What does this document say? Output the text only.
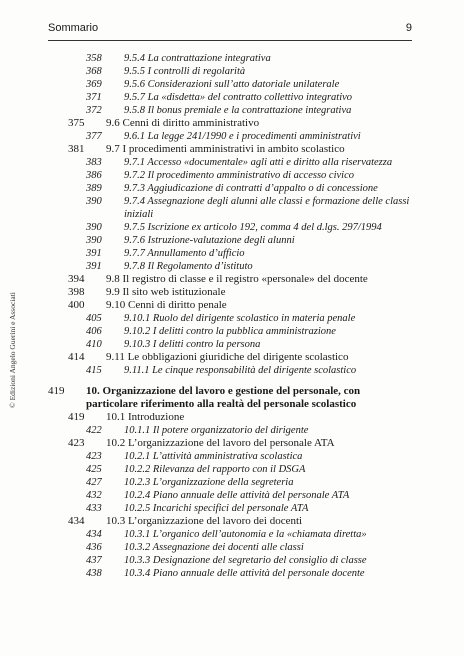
Sommario	9
358	9.5.4 La contrattazione integrativa
368	9.5.5 I controlli di regolarità
369	9.5.6 Considerazioni sull’atto datoriale unilaterale
371	9.5.7 La «disdetta» del contratto collettivo integrativo
372	9.5.8 Il bonus premiale e la contrattazione integrativa
375	9.6 Cenni di diritto amministrativo
377	9.6.1 La legge 241/1990 e i procedimenti amministrativi
381	9.7 I procedimenti amministrativi in ambito scolastico
383	9.7.1 Accesso «documentale» agli atti e diritto alla riservatezza
386	9.7.2 Il procedimento amministrativo di accesso civico
389	9.7.3 Aggiudicazione di contratti d’appalto o di concessione
390	9.7.4 Assegnazione degli alunni alle classi e formazione delle classi iniziali
390	9.7.5 Iscrizione ex articolo 192, comma 4 del d.lgs. 297/1994
390	9.7.6 Istruzione-valutazione degli alunni
391	9.7.7 Annullamento d’ufficio
391	9.7.8 Il Regolamento d’istituto
394	9.8 Il registro di classe e il registro «personale» del docente
398	9.9 Il sito web istituzionale
400	9.10 Cenni di diritto penale
405	9.10.1 Ruolo del dirigente scolastico in materia penale
406	9.10.2 I delitti contro la pubblica amministrazione
410	9.10.3 I delitti contro la persona
414	9.11 Le obbligazioni giuridiche del dirigente scolastico
415	9.11.1 Le cinque responsabilità del dirigente scolastico
419	10. Organizzazione del lavoro e gestione del personale, con particolare riferimento alla realtà del personale scolastico
419	10.1 Introduzione
422	10.1.1 Il potere organizzatorio del dirigente
423	10.2 L’organizzazione del lavoro del personale ATA
423	10.2.1 L’attività amministrativa scolastica
425	10.2.2 Rilevanza del rapporto con il DSGA
427	10.2.3 L’organizzazione della segreteria
432	10.2.4 Piano annuale delle attività del personale ATA
433	10.2.5 Incarichi specifici del personale ATA
434	10.3 L’organizzazione del lavoro dei docenti
434	10.3.1 L’organico dell’autonomia e la «chiamata diretta»
436	10.3.2 Assegnazione dei docenti alle classi
437	10.3.3 Designazione del segretario del consiglio di classe
438	10.3.4 Piano annuale delle attività del personale docente
© Edizioni Angelo Guerini e Associati
